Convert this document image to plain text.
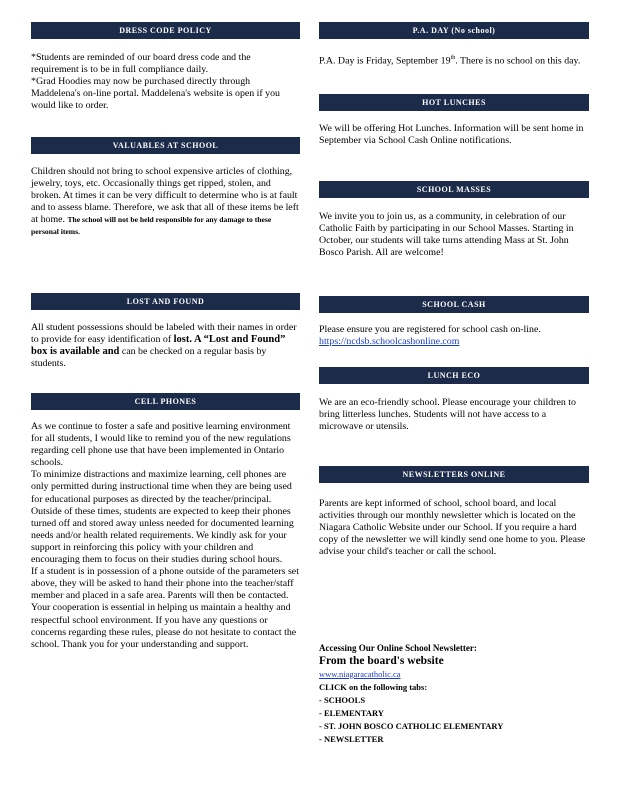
DRESS CODE POLICY

*Students are reminded of our board dress code and the requirement is to be in full compliance daily.

*Grad Hoodies may now be purchased directly through Maddelena's on-line portal. Maddelena's website is open if you would like to order.

VALUABLES AT SCHOOL
Children should not bring to school expensive articles of clothing, jewelry, toys, etc. Occasionally things get ripped, stolen, and broken. At times it can be very difficult to determine who is at fault and to assess blame. Therefore, we ask that all of these items be left at home. The school will not be held responsible for any damage to these personal items.
LOST AND FOUND
All student possessions should be labeled with their names in order to provide for easy identification of lost. A “Lost and Found” box is available and can be checked on a regular basis by students.
CELL PHONES

As we continue to foster a safe and positive learning environment for all students, I would like to remind you of the new regulations regarding cell phone use that have been implemented in Ontario schools.

To minimize distractions and maximize learning, cell phones are only permitted during instructional time when they are being used for educational purposes as directed by the teacher/principal.

Outside of these times, students are expected to keep their phones turned off and stored away unless needed for documented learning needs and/or health related requirements. We kindly ask for your support in reinforcing this policy with your children and encouraging them to focus on their studies during school hours.

If a student is in possession of a phone outside of the parameters set above, they will be asked to hand their phone into the teacher/staff member and placed in a safe area. Parents will then be contacted.

Your cooperation is essential in helping us maintain a healthy and respectful school environment. If you have any questions or concerns regarding these rules, please do not hesitate to contact the school. Thank you for your understanding and support.

P.A. DAY (No school)
P.A. Day is Friday, September 19th. There is no school on this day.
HOT LUNCHES
We will be offering Hot Lunches. Information will be sent home in September via School Cash Online notifications.
SCHOOL MASSES
We invite you to join us, as a community, in celebration of our Catholic Faith by participating in our School Masses. Starting in October, our students will take turns attending Mass at St. John Bosco Parish. All are welcome!
SCHOOL CASH
Please ensure you are registered for school cash on-line. https://ncdsb.schoolcashonline.com
LUNCH ECO
We are an eco-friendly school. Please encourage your children to bring litterless lunches. Students will not have access to a microwave or utensils.
NEWSLETTERS ONLINE
Parents are kept informed of school, school board, and local activities through our monthly newsletter which is located on the Niagara Catholic Website under our School. If you require a hard copy of the newsletter we will kindly send one home to you. Please advise your child's teacher or call the school.
Accessing Our Online School Newsletter:
From the board's website
www.niagaracatholic.ca
CLICK on the following tabs:
- SCHOOLS
- ELEMENTARY
- ST. JOHN BOSCO CATHOLIC ELEMENTARY
- NEWSLETTER
